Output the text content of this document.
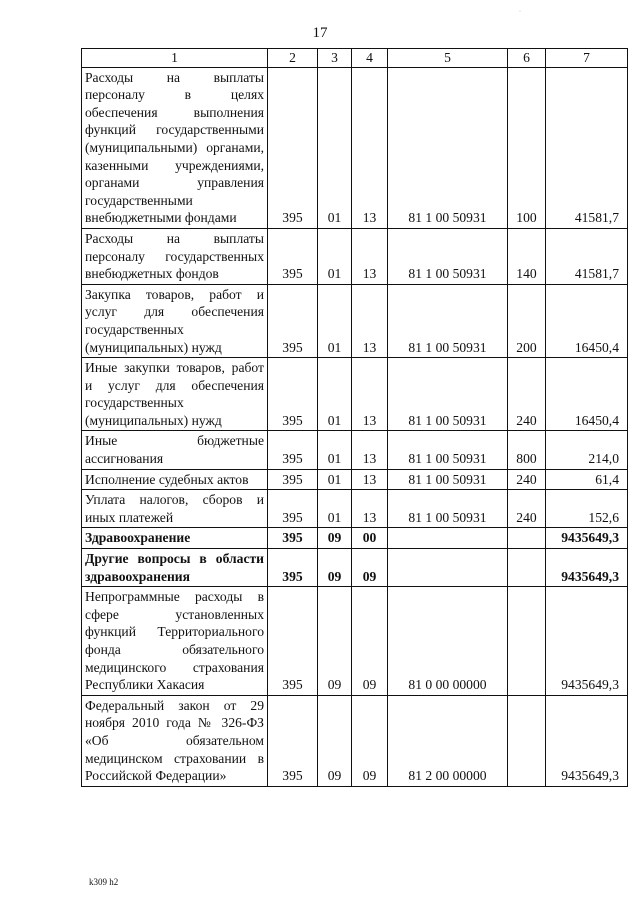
17
·
1	2	3	4	5	6	7
Расходы на выплаты персоналу в целях обеспечения выполнения функций государственными (муниципальными) органами, казенными учреждениями, органами управления государственными внебюджетными фондами	395	01	13	81 1 00 50931	100	41581,7
Расходы на выплаты персоналу государственных внебюджетных фондов	395	01	13	81 1 00 50931	140	41581,7
Закупка товаров, работ и услуг для обеспечения государственных (муниципальных) нужд	395	01	13	81 1 00 50931	200	16450,4
Иные закупки товаров, работ и услуг для обеспечения государственных (муниципальных) нужд	395	01	13	81 1 00 50931	240	16450,4
Иные бюджетные ассигнования	395	01	13	81 1 00 50931	800	214,0
Исполнение судебных актов	395	01	13	81 1 00 50931	240	61,4
Уплата налогов, сборов и иных платежей	395	01	13	81 1 00 50931	240	152,6
Здравоохранение	395	09	00			9435649,3
Другие вопросы в области здравоохранения	395	09	09			9435649,3
Непрограммные расходы в сфере установленных функций Территориального фонда обязательного медицинского страхования Республики Хакасия	395	09	09	81 0 00 00000		9435649,3
Федеральный закон от 29 ноября 2010 года № 326-ФЗ «Об обязательном медицинском страховании в Российской Федерации»	395	09	09	81 2 00 00000		9435649,3
k309 h2
